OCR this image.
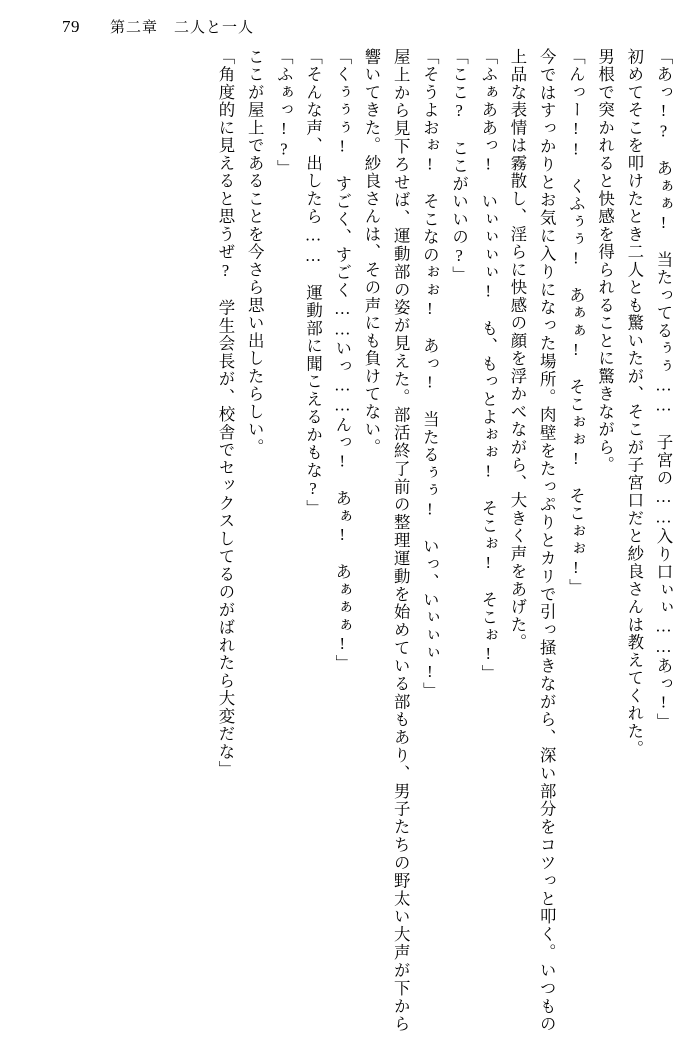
79 第二章　二人と一人
「あっ!?　あぁぁ!　当たってるぅぅ……　子宮の……入り口ぃぃ……あっ!」
初めてそこを叩けたとき二人とも驚いたが、そこが子宮口だと紗良さんは教えてくれた。
男根で突かれると快感を得られることに驚きながら。
「んっー!!　くふぅぅ!　あぁぁ!　そこぉぉ!　そこぉぉ!」
今ではすっかりとお気に入りになった場所。肉壁をたっぷりとカリで引っ掻きながら、深い部分をコツっと叩く。いつもの上品な表情は霧散し、淫らに快感の顔を浮かべながら、大きく声をあげた。
「ふぁああっ!　いぃぃぃぃ!　も、もっとよぉぉ!　そこぉ!　そこぉ!」
「ここ?　ここがいいの?」
「そうよおぉ!　そこなのぉぉ!　あっ!　当たるぅぅ!　いっ、いぃぃぃ!」
屋上から見下ろせば、運動部の姿が見えた。部活終了前の整理運動を始めている部もあり、男子たちの野太い大声が下から響いてきた。紗良さんは、その声にも負けてない。
「くぅぅぅ!　すごく、すごく……いっ……んっ!　あぁ!　あぁぁぁ!」
「そんな声、出したら……　運動部に聞こえるかもな?」
「ふぁっ!?」
ここが屋上であることを今さら思い出したらしい。
「角度的に見えると思うぜ?　学生会長が、校舎でセックスしてるのがばれたら大変だな」
